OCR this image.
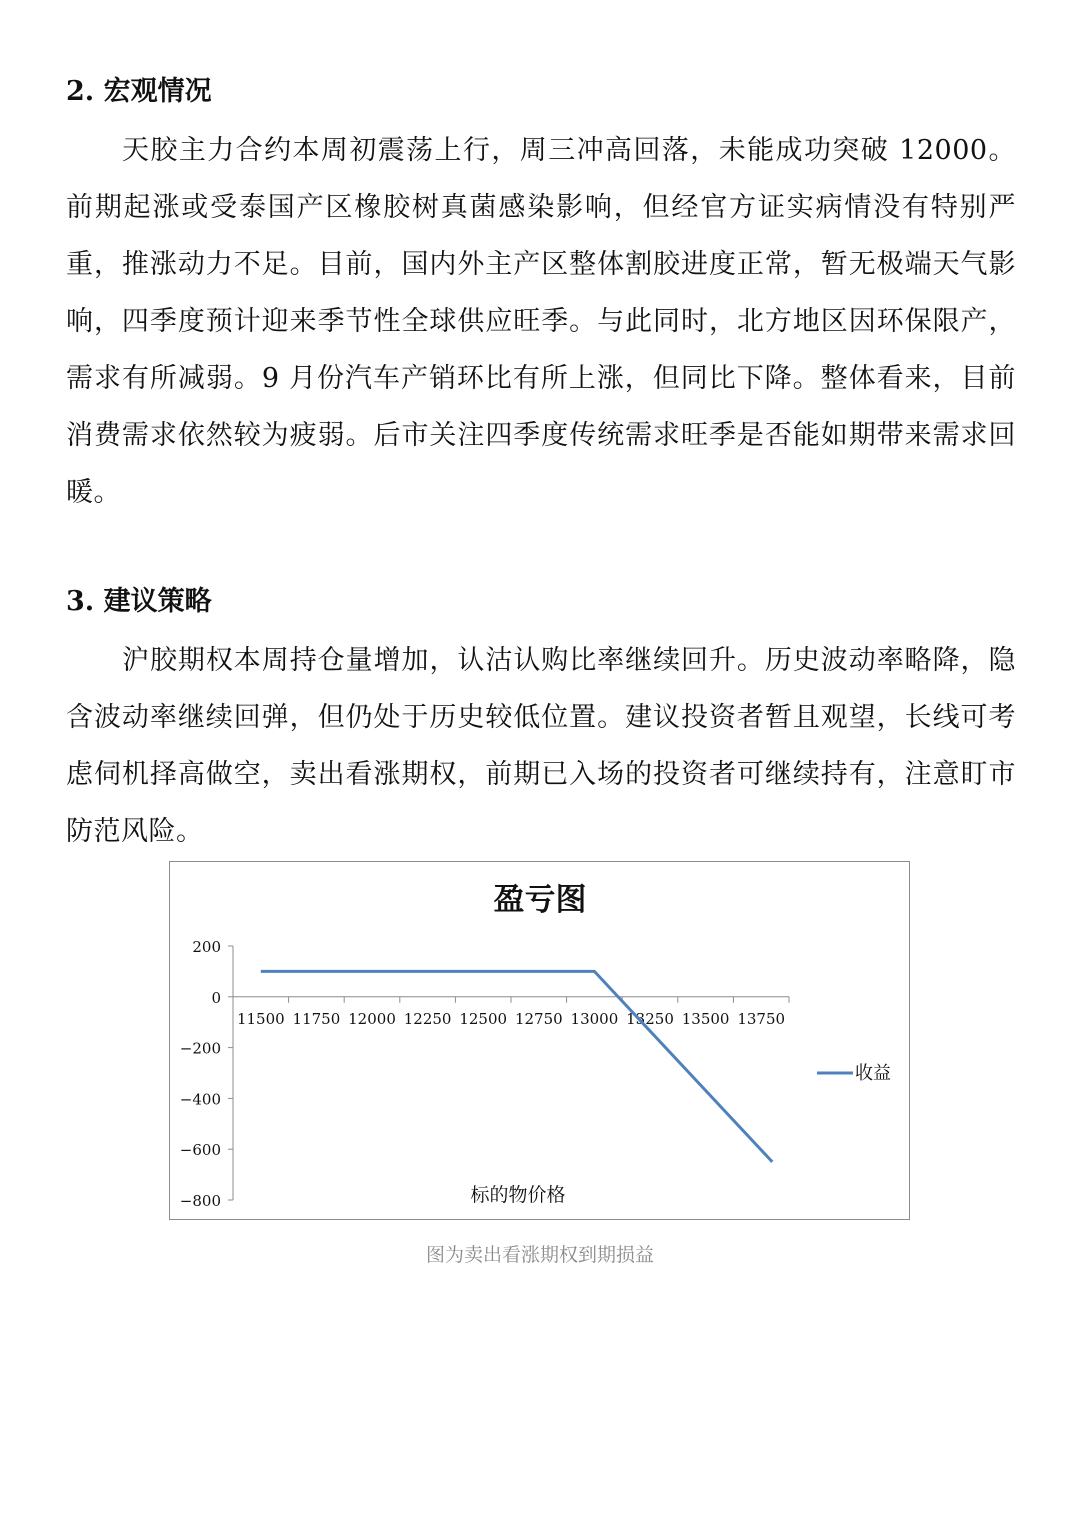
2. 宏观情况

天胶主力合约本周初震荡上行，周三冲高回落，未能成功突破 12000。前期起涨或受泰国产区橡胶树真菌感染影响，但经官方证实病情没有特别严重，推涨动力不足。目前，国内外主产区整体割胶进度正常，暂无极端天气影响，四季度预计迎来季节性全球供应旺季。与此同时，北方地区因环保限产，需求有所减弱。9 月份汽车产销环比有所上涨，但同比下降。整体看来，目前消费需求依然较为疲弱。后市关注四季度传统需求旺季是否能如期带来需求回暖。

3. 建议策略

沪胶期权本周持仓量增加，认沽认购比率继续回升。历史波动率略降，隐含波动率继续回弹，但仍处于历史较低位置。建议投资者暂且观望，长线可考虑伺机择高做空，卖出看涨期权，前期已入场的投资者可继续持有，注意盯市防范风险。

盈亏图
200
0
−200
−400
−600
−800
11500 11750 12000 12250 12500 12750 13000 13250 13500 13750
标的物价格
收益
图为卖出看涨期权到期损益
